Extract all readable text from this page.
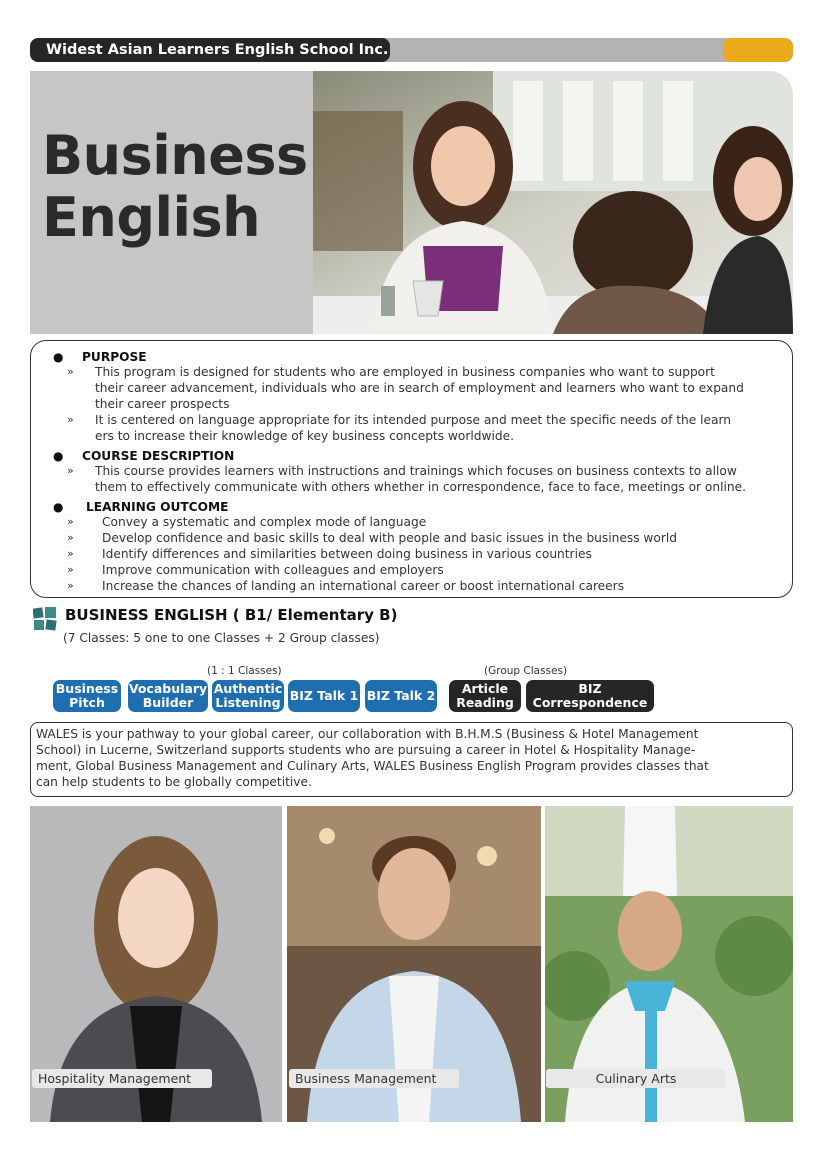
Widest Asian Learners English School Inc.
Business
English
● PURPOSE
» This program is designed for students who are employed in business companies who want to support
their career advancement, individuals who are in search of employment and learners who want to expand
their career prospects
» It is centered on language appropriate for its intended purpose and meet the specific needs of the learn
ers to increase their knowledge of key business concepts worldwide.
● COURSE DESCRIPTION
» This course provides learners with instructions and trainings which focuses on business contexts to allow
them to effectively communicate with others whether in correspondence, face to face, meetings or online.
● LEARNING OUTCOME
» Convey a systematic and complex mode of language
» Develop confidence and basic skills to deal with people and basic issues in the business world
» Identify differences and similarities between doing business in various countries
» Improve communication with colleagues and employers
» Increase the chances of landing an international career or boost international careers
BUSINESS ENGLISH ( B1/ Elementary B)
(7 Classes: 5 one to one Classes + 2 Group classes)
(1 : 1 Classes)	(Group Classes)
Business
Pitch
Vocabulary
Builder
Authentic
Listening BIZ Talk 1 BIZ Talk 2	Article
Reading
BIZ
Correspondence
WALES is your pathway to your global career, our collaboration with B.H.M.S (Business & Hotel Management
School) in Lucerne, Switzerland supports students who are pursuing a career in Hotel & Hospitality Manage-
ment, Global Business Management and Culinary Arts, WALES Business English Program provides classes that
can help students to be globally competitive.
Hospitality Management	Business Management	Culinary Arts
